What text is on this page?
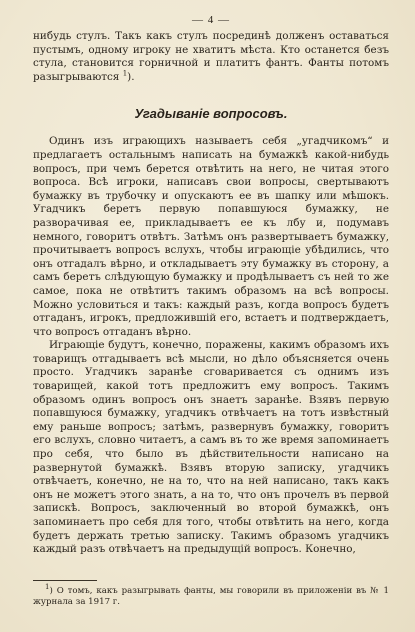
— 4 —

нибудь стулъ. Такъ какъ стулъ посрединѣ долженъ оставаться пустымъ, одному игроку не хватитъ мѣста. Кто останется безъ стула, становится горничной и платитъ фантъ. Фанты потомъ разыгрываются $^1$).

Угадываніе вопросовъ.

Одинъ изъ играющихъ называетъ себя „угадчикомъ“ и предлагаетъ остальнымъ написать на бумажкѣ какой-нибудь вопросъ, при чемъ берется отвѣтить на него, не читая этого вопроса. Всѣ игроки, написавъ свои вопросы, свертываютъ бумажку въ трубочку и опускаютъ ее въ шапку или мѣшокъ. Угадчикъ беретъ первую попавшуюся бумажку, не разворачивая ее, прикладываетъ ее къ лбу и, подумавъ немного, говоритъ отвѣтъ. Затѣмъ онъ развертываетъ бумажку, прочитываетъ вопросъ вслухъ, чтобы играющіе убѣдились, что онъ отгадалъ вѣрно, и откладываетъ эту бумажку въ сторону, а самъ беретъ слѣдующую бумажку и продѣлываетъ съ ней то же самое, пока не отвѣтитъ такимъ образомъ на всѣ вопросы. Можно условиться и такъ: каждый разъ, когда вопросъ будетъ отгаданъ, игрокъ, предложившій его, встаетъ и подтверждаетъ, что вопросъ отгаданъ вѣрно.

Играющіе будутъ, конечно, поражены, какимъ образомъ ихъ товарищъ отгадываетъ всѣ мысли, но дѣло объясняется очень просто. Угадчикъ заранѣе сговаривается съ однимъ изъ товарищей, какой тотъ предложитъ ему вопросъ. Такимъ образомъ одинъ вопросъ онъ знаетъ заранѣе. Взявъ первую попавшуюся бумажку, угадчикъ отвѣчаетъ на тотъ извѣстный ему раньше вопросъ; затѣмъ, развернувъ бумажку, говоритъ его вслухъ, словно читаетъ, а самъ въ то же время запоминаетъ про себя, что было въ дѣйствительности написано на развернутой бумажкѣ. Взявъ вторую записку, угадчикъ отвѣчаетъ, конечно, не на то, что на ней написано, такъ какъ онъ не можетъ этого знать, а на то, что онъ прочелъ въ первой запискѣ. Вопросъ, заключенный во второй бумажкѣ, онъ запоминаетъ про себя для того, чтобы отвѣтить на него, когда будетъ держать третью записку. Такимъ образомъ угадчикъ каждый разъ отвѣчаетъ на предыдущій вопросъ. Конечно,

$^1$) О томъ, какъ разыгрывать фанты, мы говорили въ приложеніи въ № 1 журнала за 1917 г.
